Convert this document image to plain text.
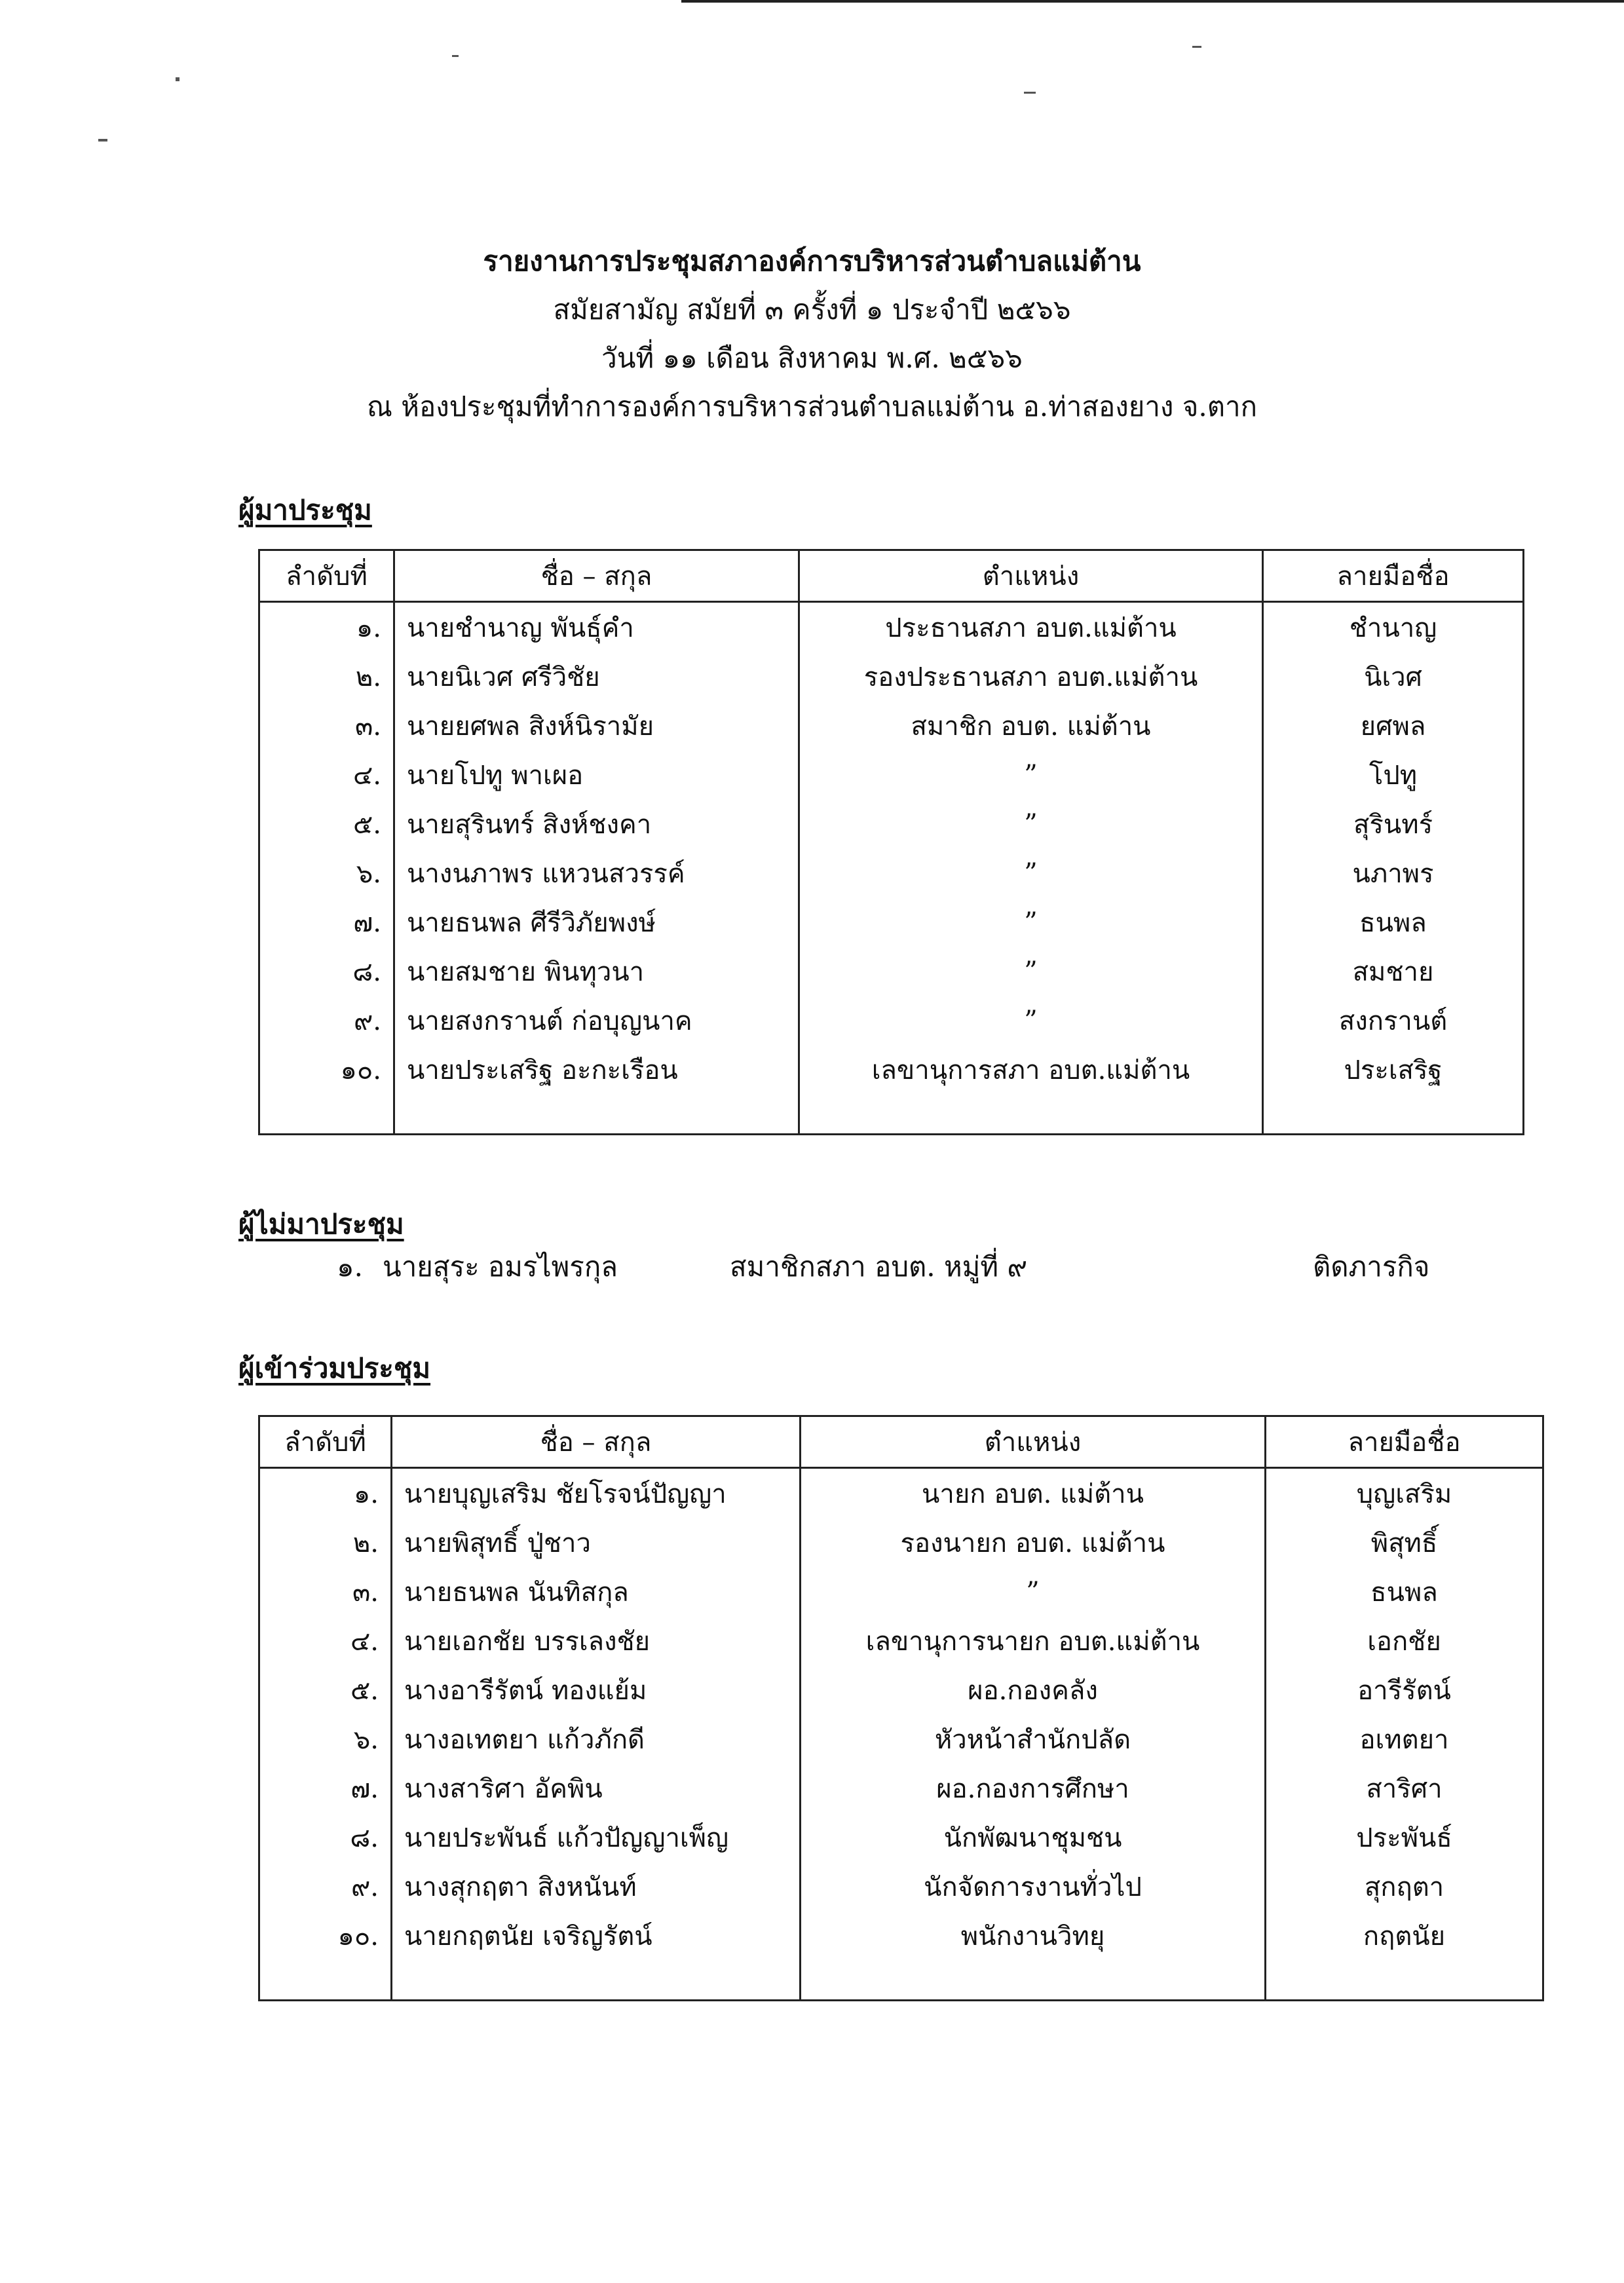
รายงานการประชุมสภาองค์การบริหารส่วนตำบลแม่ต้าน
สมัยสามัญ สมัยที่ ๓ ครั้งที่ ๑ ประจำปี ๒๕๖๖
วันที่ ๑๑ เดือน สิงหาคม พ.ศ. ๒๕๖๖
ณ ห้องประชุมที่ทำการองค์การบริหารส่วนตำบลแม่ต้าน อ.ท่าสองยาง จ.ตาก
ผู้มาประชุม
ลำดับที่	ชื่อ – สกุล	ตำแหน่ง	ลายมือชื่อ
๑.	นายชำนาญ พันธุ์คำ	ประธานสภา อบต.แม่ต้าน	ชำนาญ
๒.	นายนิเวศ ศรีวิชัย	รองประธานสภา อบต.แม่ต้าน	นิเวศ
๓.	นายยศพล สิงห์นิรามัย	สมาชิก อบต. แม่ต้าน	ยศพล
๔.	นายโปทู พาเผอ	”	โปทู
๕.	นายสุรินทร์ สิงห์ชงคา	”	สุรินทร์
๖.	นางนภาพร แหวนสวรรค์	”	นภาพร
๗.	นายธนพล ศีรีวิภัยพงษ์	”	ธนพล
๘.	นายสมชาย พินทุวนา	”	สมชาย
๙.	นายสงกรานต์ ก่อบุญนาค	”	สงกรานต์
๑๐.	นายประเสริฐ อะกะเรือน	เลขานุการสภา อบต.แม่ต้าน	ประเสริฐ

ผู้ไม่มาประชุม
๑. นายสุระ อมรไพรกุล	สมาชิกสภา อบต. หมู่ที่ ๙	ติดภารกิจ
ผู้เข้าร่วมประชุม
ลำดับที่	ชื่อ – สกุล	ตำแหน่ง	ลายมือชื่อ
๑.	นายบุญเสริม ชัยโรจน์ปัญญา	นายก อบต. แม่ต้าน	บุญเสริม
๒.	นายพิสุทธิ์ ปู่ชาว	รองนายก อบต. แม่ต้าน	พิสุทธิ์
๓.	นายธนพล นันทิสกุล	”	ธนพล
๔.	นายเอกชัย บรรเลงชัย	เลขานุการนายก อบต.แม่ต้าน	เอกชัย
๕.	นางอารีรัตน์ ทองแย้ม	ผอ.กองคลัง	อารีรัตน์
๖.	นางอเทตยา แก้วภักดี	หัวหน้าสำนักปลัด	อเทตยา
๗.	นางสาริศา อัคพิน	ผอ.กองการศึกษา	สาริศา
๘.	นายประพันธ์ แก้วปัญญาเพ็ญ	นักพัฒนาชุมชน	ประพันธ์
๙.	นางสุกฤตา สิงหนันท์	นักจัดการงานทั่วไป	สุกฤตา
๑๐.	นายกฤตนัย เจริญรัตน์	พนักงานวิทยุ	กฤตนัย
